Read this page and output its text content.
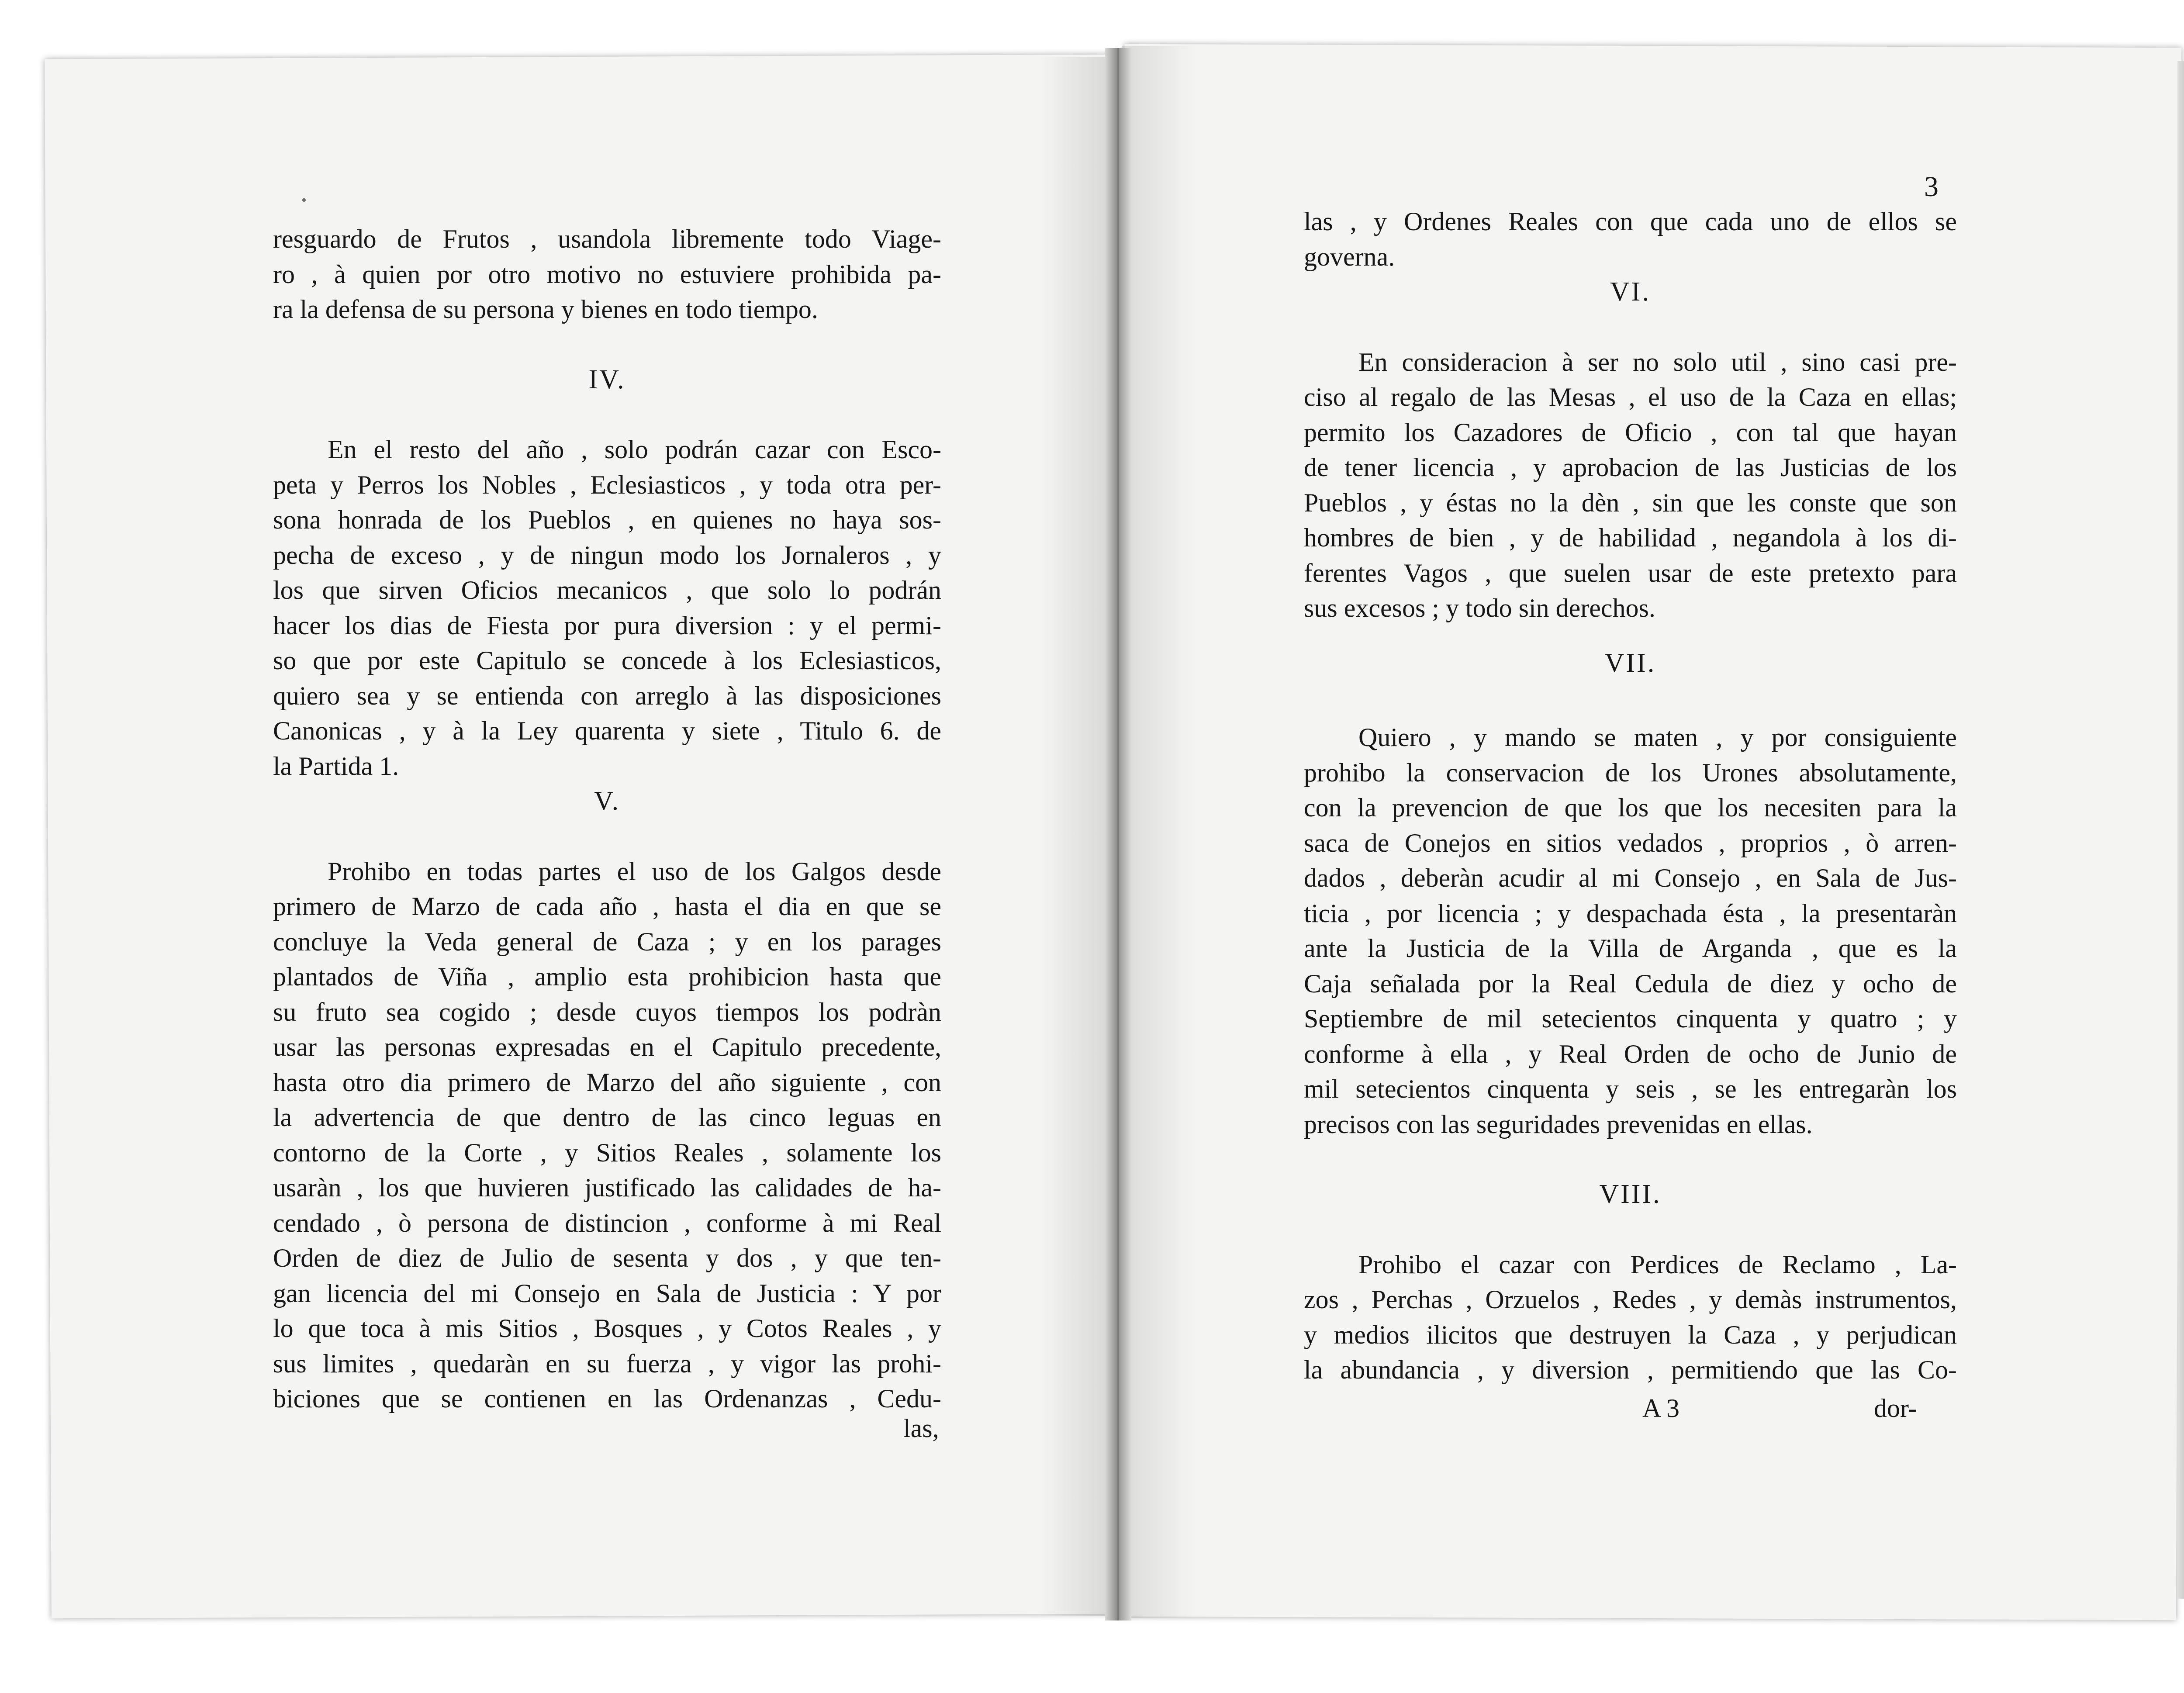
•

resguardo de Frutos , usandola libremente todo Viage-
ro , à quien por otro motivo no estuviere prohibida pa-
ra la defensa de su persona y bienes en todo tiempo.

IV.

En el resto del año , solo podrán cazar con Esco-
peta y Perros los Nobles , Eclesiasticos , y toda otra per-
sona honrada de los Pueblos , en quienes no haya sos-
pecha de exceso , y de ningun modo los Jornaleros , y
los que sirven Oficios mecanicos , que solo lo podrán
hacer los dias de Fiesta por pura diversion : y el permi-
so que por este Capitulo se concede à los Eclesiasticos,
quiero sea y se entienda con arreglo à las disposiciones
Canonicas , y à la Ley quarenta y siete , Titulo 6. de
la Partida 1.

V.

Prohibo en todas partes el uso de los Galgos desde
primero de Marzo de cada año , hasta el dia en que se
concluye la Veda general de Caza ; y en los parages
plantados de Viña , amplio esta prohibicion hasta que
su fruto sea cogido ; desde cuyos tiempos los podràn
usar las personas expresadas en el Capitulo precedente,
hasta otro dia primero de Marzo del año siguiente , con
la advertencia de que dentro de las cinco leguas en
contorno de la Corte , y Sitios Reales , solamente los
usaràn , los que huvieren justificado las calidades de ha-
cendado , ò persona de distincion , conforme à mi Real
Orden de diez de Julio de sesenta y dos , y que ten-
gan licencia del mi Consejo en Sala de Justicia : Y por
lo que toca à mis Sitios , Bosques , y Cotos Reales , y
sus limites , quedaràn en su fuerza , y vigor las prohi-
biciones que se contienen en las Ordenanzas , Cedu-

las,
3

las , y Ordenes Reales con que cada uno de ellos se
governa.

VI.

En consideracion à ser no solo util , sino casi pre-
ciso al regalo de las Mesas , el uso de la Caza en ellas;
permito los Cazadores de Oficio , con tal que hayan
de tener licencia , y aprobacion de las Justicias de los
Pueblos , y éstas no la dèn , sin que les conste que son
hombres de bien , y de habilidad , negandola à los di-
ferentes Vagos , que suelen usar de este pretexto para
sus excesos ; y todo sin derechos.

VII.

Quiero , y mando se maten , y por consiguiente
prohibo la conservacion de los Urones absolutamente,
con la prevencion de que los que los necesiten para la
saca de Conejos en sitios vedados , proprios , ò arren-
dados , deberàn acudir al mi Consejo , en Sala de Jus-
ticia , por licencia ; y despachada ésta , la presentaràn
ante la Justicia de la Villa de Arganda , que es la
Caja señalada por la Real Cedula de diez y ocho de
Septiembre de mil setecientos cinquenta y quatro ; y
conforme à ella , y Real Orden de ocho de Junio de
mil setecientos cinquenta y seis , se les entregaràn los
precisos con las seguridades prevenidas en ellas.

VIII.

Prohibo el cazar con Perdices de Reclamo , La-
zos , Perchas , Orzuelos , Redes , y demàs instrumentos,
y medios ilicitos que destruyen la Caza , y perjudican
la abundancia , y diversion , permitiendo que las Co-

A 3	dor-
